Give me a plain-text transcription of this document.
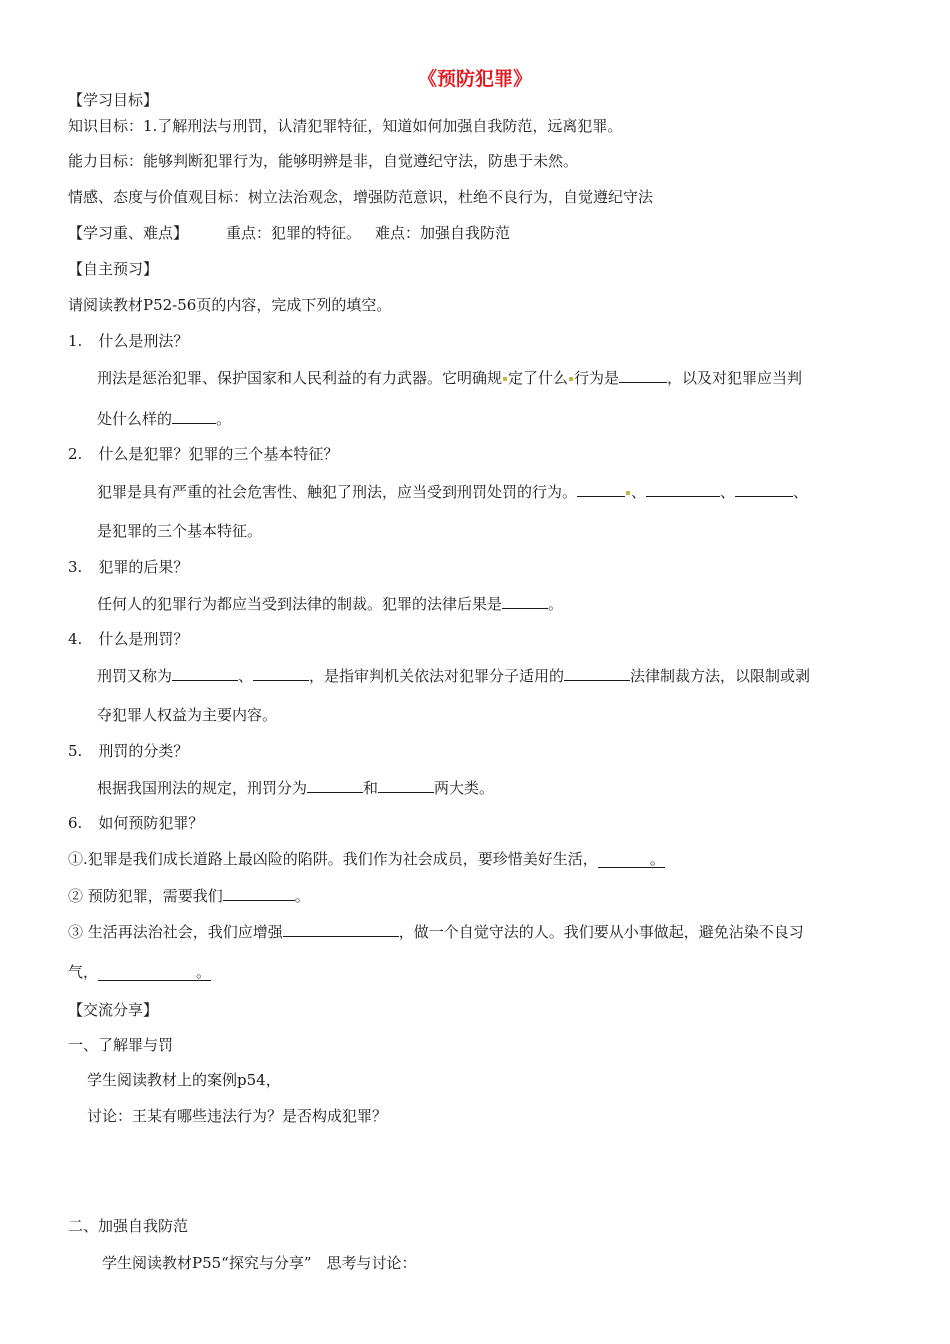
《预防犯罪》
【学习目标】
知识目标：1.了解刑法与刑罚，认清犯罪特征，知道如何加强自我防范，远离犯罪。
能力目标：能够判断犯罪行为，能够明辨是非，自觉遵纪守法，防患于未然。
情感、态度与价值观目标：树立法治观念，增强防范意识，杜绝不良行为，自觉遵纪守法
【学习重、难点】	重点：犯罪的特征。 难点：加强自我防范
【自主预习】
请阅读教材P52-56页的内容，完成下列的填空。
1. 什么是刑法？
刑法是惩治犯罪、保护国家和人民利益的有力武器。它明确规 定了什么 行为是	，以及对犯罪应当判
处什么样的	。
2. 什么是犯罪？犯罪的三个基本特征？
犯罪是具有严重的社会危害性、触犯了刑法，应当受到刑罚处罚的行为。	、	、	、
是犯罪的三个基本特征。
3. 犯罪的后果？
任何人的犯罪行为都应当受到法律的制裁。犯罪的法律后果是	。
4. 什么是刑罚？
刑罚又称为	、	，是指审判机关依法对犯罪分子适用的	法律制裁方法，以限制或剥
夺犯罪人权益为主要内容。
5. 刑罚的分类？
根据我国刑法的规定，刑罚分为	和	两大类。
6. 如何预防犯罪？
①.犯罪是我们成长道路上最凶险的陷阱。我们作为社会成员，要珍惜美好生活，	。
② 预防犯罪，需要我们	。
③ 生活再法治社会，我们应增强	，做一个自觉守法的人。我们要从小事做起，避免沾染不良习
气，	。
【交流分享】
一、了解罪与罚
学生阅读教材上的案例p54，
讨论：王某有哪些违法行为？是否构成犯罪？
二、加强自我防范
学生阅读教材P55“探究与分享”　思考与讨论：
